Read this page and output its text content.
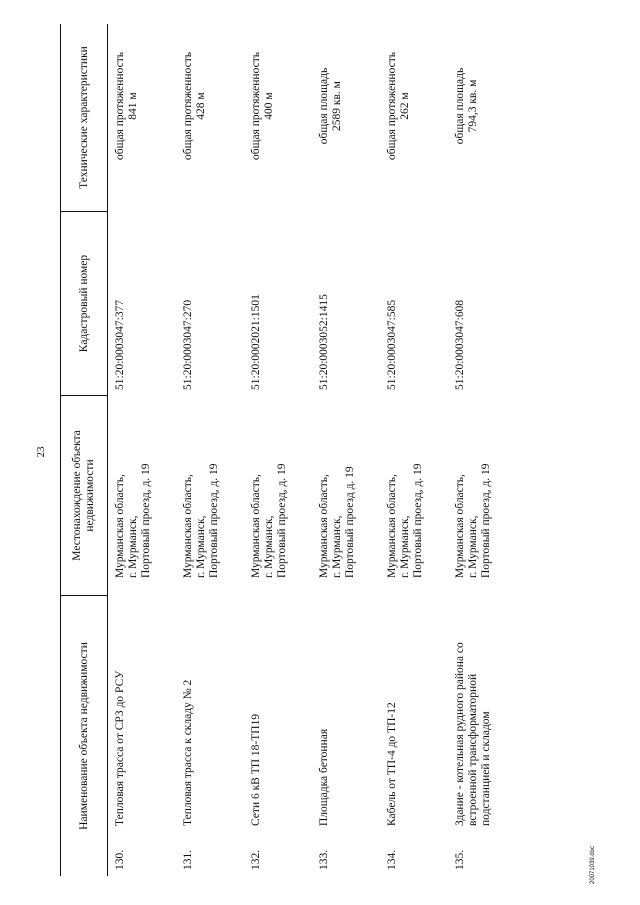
23
Наименование объекта недвижимости
Местонахождение объекта недвижимости
Кадастровый номер
Технические характеристики
130.
Тепловая трасса от СРЗ до РСУ
Мурманская область, г. Мурманск, Портовый проезд, д. 19
51:20:0003047:377
общая протяженность 841 м
131.
Тепловая трасса к складу № 2
Мурманская область, г. Мурманск, Портовый проезд, д. 19
51:20:0003047:270
общая протяженность 428 м
132.
Сети 6 кВ ТП 18-ТП19
Мурманская область, г. Мурманск, Портовый проезд, д. 19
51:20:0002021:1501
общая протяженность 400 м
133.
Площадка бетонная
Мурманская область, г. Мурманск, Портовый проезд д. 19
51:20:0003052:1415
общая площадь 2589 кв. м
134.
Кабель от ТП-4 до ТП-12
Мурманская область, г. Мурманск, Портовый проезд, д. 19
51:20:0003047:585
общая протяженность 262 м
135.
Здание - котельная рудного района со встроенной трансформаторной подстанцией и складом
Мурманская область, г. Мурманск, Портовый проезд, д. 19
51:20:0003047:608
общая площадь 794,3 кв. м
20071039.doc
